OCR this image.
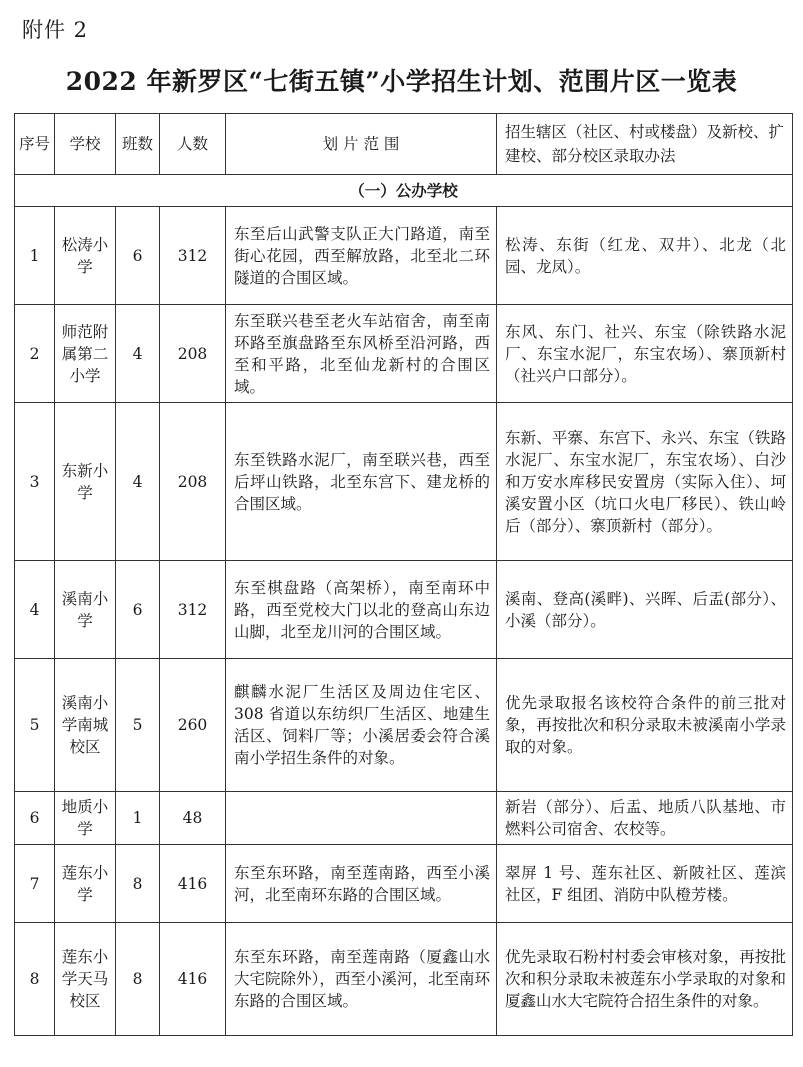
附件 2
2022 年新罗区“七街五镇”小学招生计划、范围片区一览表
序号	学校	班数	人数	划 片 范 围	招生辖区（社区、村或楼盘）及新校、扩建校、部分校区录取办法
（一）公办学校					
1	松涛小学	6	312	东至后山武警支队正大门路道，南至街心花园，西至解放路，北至北二环隧道的合围区域。	松涛、东街（红龙、双井）、北龙（北园、龙凤）。
2	师范附属第二小学	4	208	东至联兴巷至老火车站宿舍，南至南环路至旗盘路至东风桥至沿河路，西至和平路，北至仙龙新村的合围区域。	东风、东门、社兴、东宝（除铁路水泥厂、东宝水泥厂，东宝农场）、寨顶新村（社兴户口部分）。
3	东新小学	4	208	东至铁路水泥厂，南至联兴巷，西至后坪山铁路，北至东宫下、建龙桥的合围区域。	东新、平寨、东宫下、永兴、东宝（铁路水泥厂、东宝水泥厂，东宝农场）、白沙和万安水库移民安置房（实际入住）、坷溪安置小区（坑口火电厂移民）、铁山岭后（部分）、寨顶新村（部分）。
4	溪南小学	6	312	东至棋盘路（高架桥），南至南环中路，西至党校大门以北的登高山东边山脚，北至龙川河的合围区域。	溪南、登高(溪畔)、兴晖、后盂(部分）、小溪（部分）。
5	溪南小学南城校区	5	260	麒麟水泥厂生活区及周边住宅区、308 省道以东纺织厂生活区、地建生活区、饲料厂等；小溪居委会符合溪南小学招生条件的对象。	优先录取报名该校符合条件的前三批对象，再按批次和积分录取未被溪南小学录取的对象。
6	地质小学	1	48		新岩（部分）、后盂、地质八队基地、市燃料公司宿舍、农校等。
7	莲东小学	8	416	东至东环路，南至莲南路，西至小溪河，北至南环东路的合围区域。	翠屏 1 号、莲东社区、新陂社区、莲滨社区，F 组团、消防中队橙芳楼。
8	莲东小学天马校区	8	416	东至东环路，南至莲南路（厦鑫山水大宅院除外），西至小溪河，北至南环东路的合围区域。	优先录取石粉村村委会审核对象，再按批次和积分录取未被莲东小学录取的对象和厦鑫山水大宅院符合招生条件的对象。
